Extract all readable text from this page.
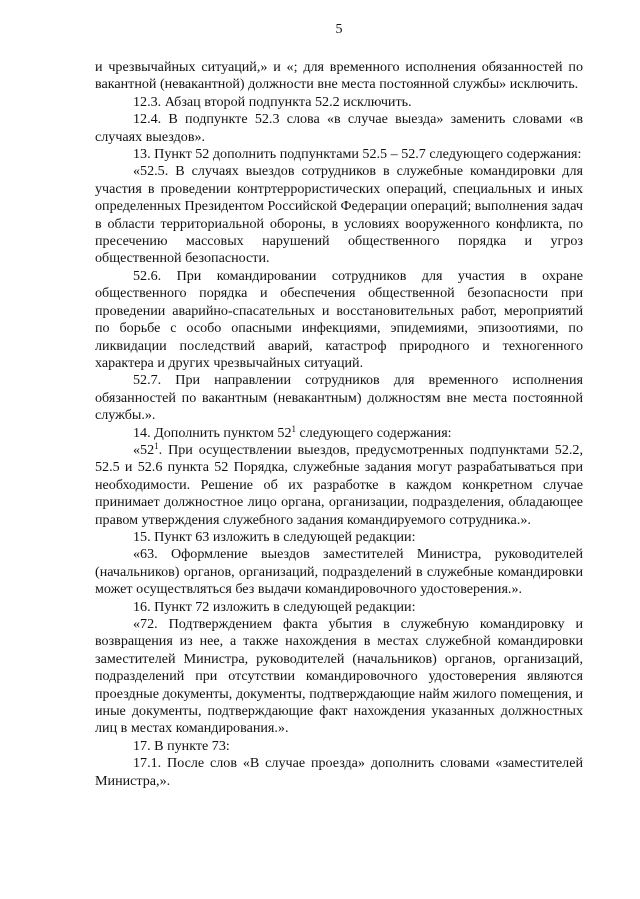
5

и чрезвычайных ситуаций,» и «; для временного исполнения обязанностей по вакантной (невакантной) должности вне места постоянной службы» исключить.

12.3. Абзац второй подпункта 52.2 исключить.

12.4. В подпункте 52.3 слова «в случае выезда» заменить словами «в случаях выездов».

13. Пункт 52 дополнить подпунктами 52.5 – 52.7 следующего содержания:

«52.5. В случаях выездов сотрудников в служебные командировки для участия в проведении контртеррористических операций, специальных и иных определенных Президентом Российской Федерации операций; выполнения задач в области территориальной обороны, в условиях вооруженного конфликта, по пресечению массовых нарушений общественного порядка и угроз общественной безопасности.

52.6. При командировании сотрудников для участия в охране общественного порядка и обеспечения общественной безопасности при проведении аварийно-спасательных и восстановительных работ, мероприятий по борьбе с особо опасными инфекциями, эпидемиями, эпизоотиями, по ликвидации последствий аварий, катастроф природного и техногенного характера и других чрезвычайных ситуаций.

52.7. При направлении сотрудников для временного исполнения обязанностей по вакантным (невакантным) должностям вне места постоянной службы.».

14. Дополнить пунктом $52^1$ следующего содержания:

«$52^1$. При осуществлении выездов, предусмотренных подпунктами 52.2, 52.5 и 52.6 пункта 52 Порядка, служебные задания могут разрабатываться при необходимости. Решение об их разработке в каждом конкретном случае принимает должностное лицо органа, организации, подразделения, обладающее правом утверждения служебного задания командируемого сотрудника.».

15. Пункт 63 изложить в следующей редакции:

«63. Оформление выездов заместителей Министра, руководителей (начальников) органов, организаций, подразделений в служебные командировки может осуществляться без выдачи командировочного удостоверения.».

16. Пункт 72 изложить в следующей редакции:

«72. Подтверждением факта убытия в служебную командировку и возвращения из нее, а также нахождения в местах служебной командировки заместителей Министра, руководителей (начальников) органов, организаций, подразделений при отсутствии командировочного удостоверения являются проездные документы, документы, подтверждающие найм жилого помещения, и иные документы, подтверждающие факт нахождения указанных должностных лиц в местах командирования.».

17. В пункте 73:

17.1. После слов «В случае проезда» дополнить словами «заместителей Министра,».
